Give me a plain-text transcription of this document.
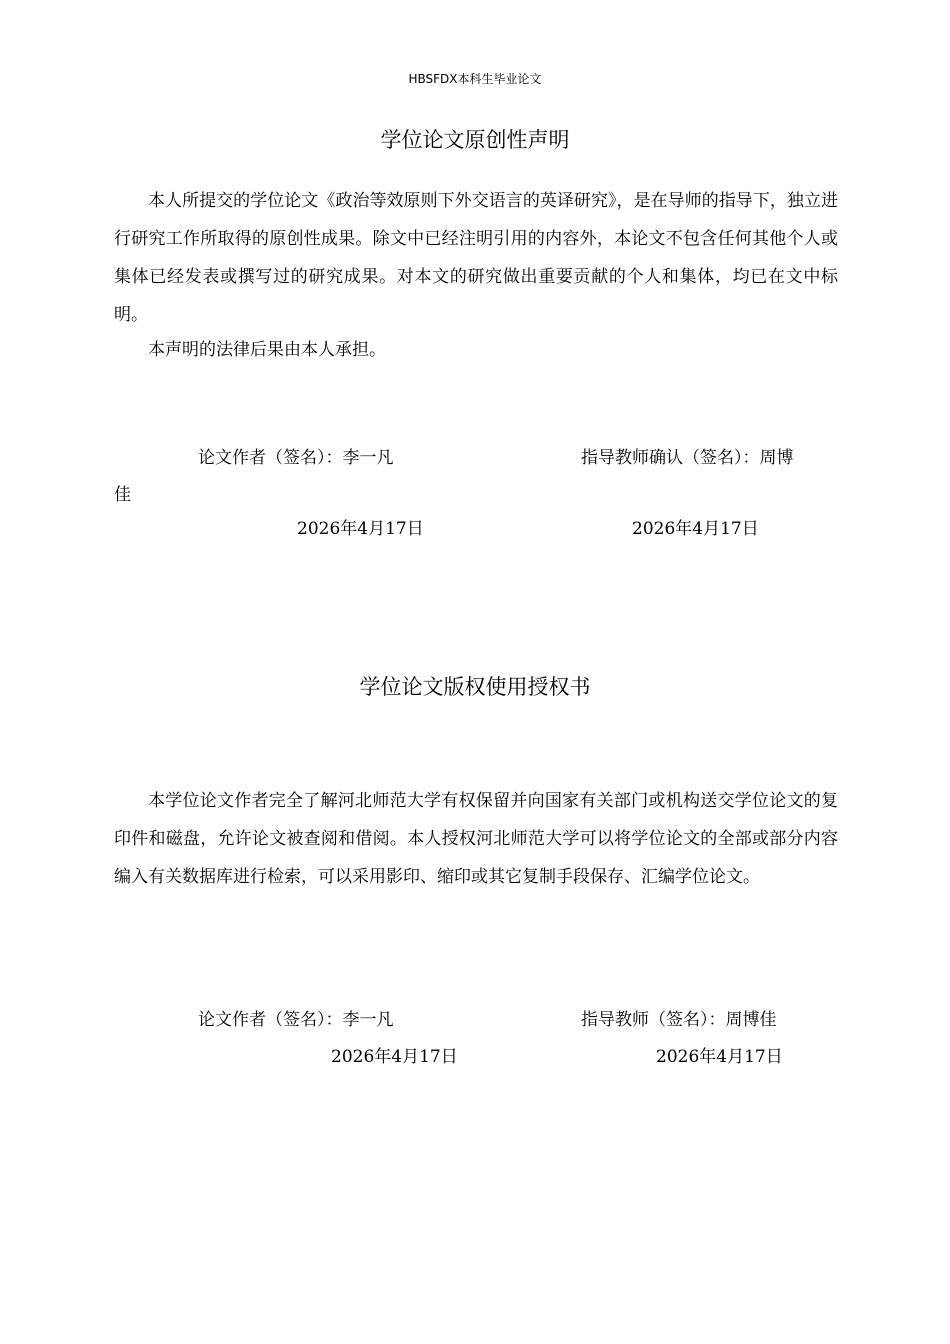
HBSFDX本科生毕业论文
学位论文原创性声明

本人所提交的学位论文《政治等效原则下外交语言的英译研究》，是在导师的指导下，独立进行研究工作所取得的原创性成果。除文中已经注明引用的内容外，本论文不包含任何其他个人或集体已经发表或撰写过的研究成果。对本文的研究做出重要贡献的个人和集体，均已在文中标明。

本声明的法律后果由本人承担。

论文作者（签名）：李一凡	指导教师确认（签名）：周博
佳
2026年4月17日	2026年4月17日
学位论文版权使用授权书

本学位论文作者完全了解河北师范大学有权保留并向国家有关部门或机构送交学位论文的复印件和磁盘，允许论文被查阅和借阅。本人授权河北师范大学可以将学位论文的全部或部分内容编入有关数据库进行检索，可以采用影印、缩印或其它复制手段保存、汇编学位论文。

论文作者（签名）：李一凡	指导教师（签名）：周博佳
2026年4月17日	2026年4月17日
